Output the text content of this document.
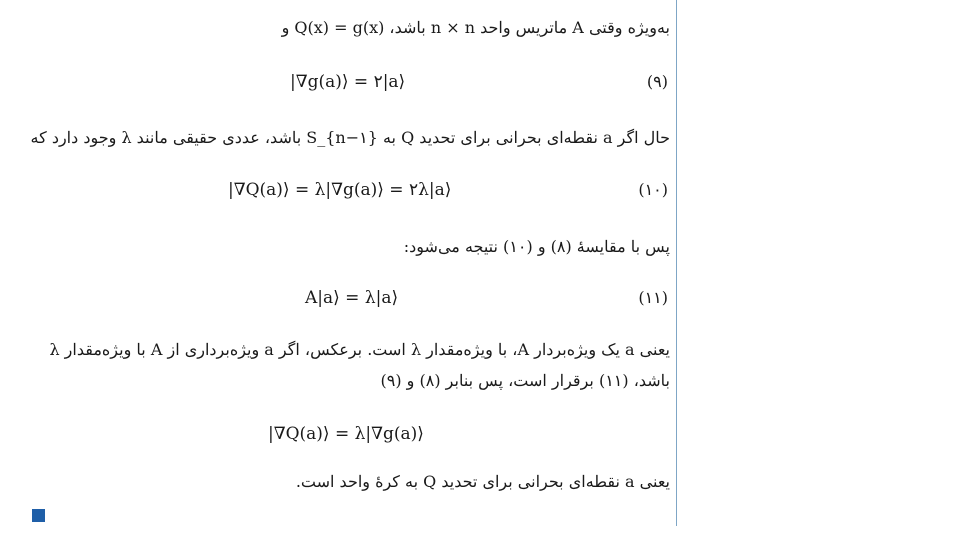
به‌ویژه وقتی A ماتریس واحد n × n باشد، Q(x) = g(x) و
|∇g(a)⟩ = ۲|a⟩	(۹)
حال اگر a نقطه‌ای بحرانی برای تحدید Q به S_{n−۱} باشد، عددی حقیقی مانند λ وجود دارد که
|∇Q(a)⟩ = λ|∇g(a)⟩ = ۲λ|a⟩	(۱۰)
پس با مقایسهٔ (۸) و (۱۰) نتیجه می‌شود:
A|a⟩ = λ|a⟩	(۱۱)
یعنی a یک ویژه‌بردار A، با ویژه‌مقدار λ است. برعکس، اگر a ویژه‌برداری از A با ویژه‌مقدار λ
باشد، (۱۱) برقرار است، پس بنابر (۸) و (۹)
|∇Q(a)⟩ = λ|∇g(a)⟩
یعنی a نقطه‌ای بحرانی برای تحدید Q به کرهٔ واحد است.
